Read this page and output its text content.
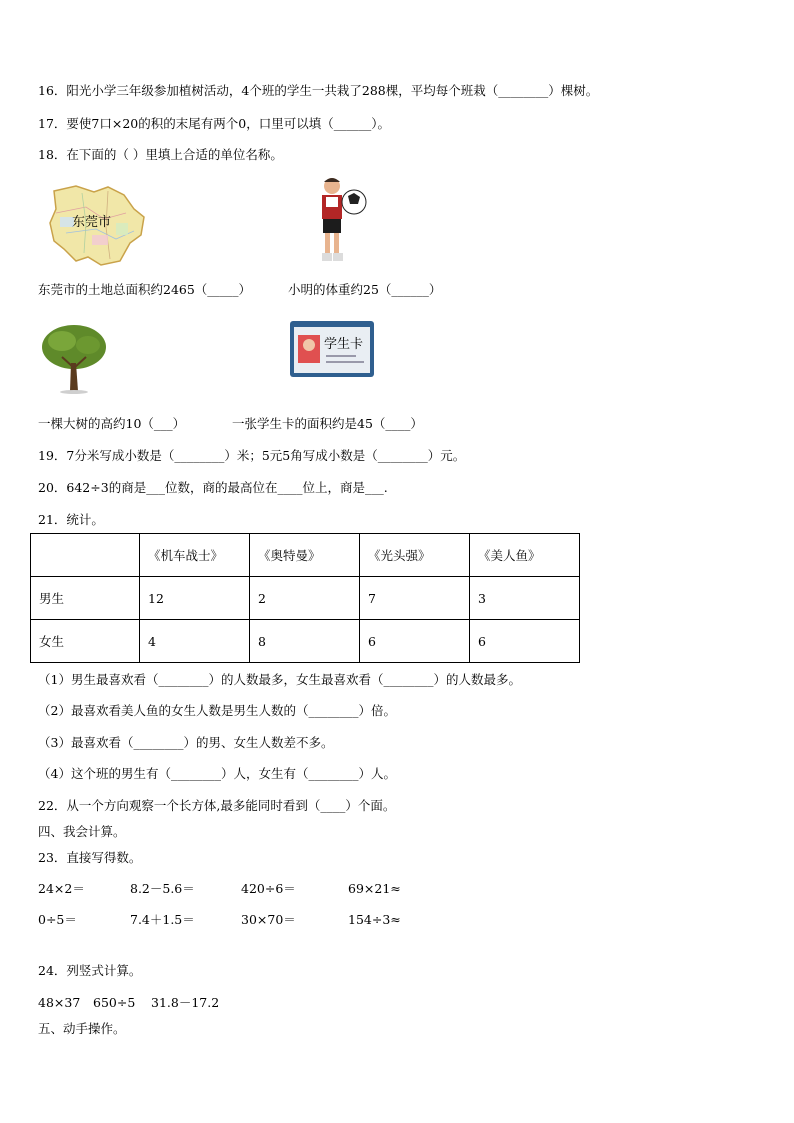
16．阳光小学三年级参加植树活动，4个班的学生一共栽了288棵，平均每个班栽（________）棵树。
17．要使7口×20的积的末尾有两个0，口里可以填（______）。
18．在下面的（ ）里填上合适的单位名称。
东莞市
东莞市的土地总面积约2465（_____）	小明的体重约25（______）
学生卡
一棵大树的高约10（___）	一张学生卡的面积约是45（____）
19．7分米写成小数是（________）米；5元5角写成小数是（________）元。
20．642÷3的商是___位数，商的最高位在____位上，商是___.
21．统计。
	《机车战士》	《奥特曼》	《光头强》	《美人鱼》
男生	12	2	7	3
女生	4	8	6	6
（1）男生最喜欢看（________）的人数最多，女生最喜欢看（________）的人数最多。
（2）最喜欢看美人鱼的女生人数是男生人数的（________）倍。
（3）最喜欢看（________）的男、女生人数差不多。
（4）这个班的男生有（________）人，女生有（________）人。
22．从一个方向观察一个长方体,最多能同时看到（____）个面。
四、我会计算。
23．直接写得数。
24×2＝	8.2－5.6＝	420÷6＝	69×21≈
0÷5＝	7.4＋1.5＝	30×70＝	154÷3≈
24．列竖式计算。
48×37 650÷5 31.8－17.2
五、动手操作。
